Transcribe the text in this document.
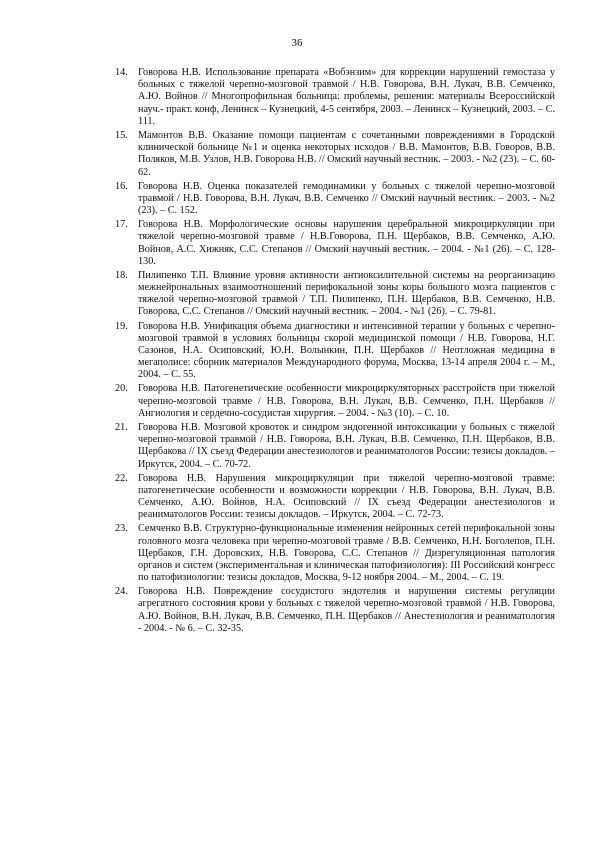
36
14. Говорова Н.В. Использование препарата «Вобэнзим» для коррекции нарушений гемостаза у больных с тяжелой черепно-мозговой травмой / Н.В. Говорова, В.Н. Лукач, В.В. Семченко, А.Ю. Войнов // Многопрофильная больница: проблемы, решения: материалы Всероссийской науч.- практ. конф, Ленинск – Кузнецкий, 4-5 сентября, 2003. – Ленинск – Кузнецкий, 2003. – С. 111.
15. Мамонтов В.В. Оказание помощи пациентам с сочетанными повреждениями в Городской клинической больнице №1 и оценка некоторых исходов / В.В. Мамонтов, В.В. Говоров, В.В. Поляков, М.В. Узлов, Н.В. Говорова Н.В. // Омский научный вестник. – 2003. - №2 (23). – С. 60-62.
16. Говорова Н.В. Оценка показателей гемодинамики у больных с тяжелой черепно-мозговой травмой / Н.В. Говорова, В.Н. Лукач, В.В. Семченко // Омский научный вестник. – 2003. - №2 (23). – С. 152.
17. Говорова Н.В. Морфологические основы нарушения церебральной микроциркуляции при тяжелой черепно-мозговой травме / Н.В.Говорова, П.Н. Щербаков, В.В. Семченко, А.Ю. Войнов, А.С. Хижняк, С.С. Степанов // Омский научный вестник. – 2004. - №1 (26). – С. 128-130.
18. Пилипенко Т.П. Влияние уровня активности антиоксилительной системы на реорганизацию межнейрональных взаимоотношений перифокальной зоны коры большого мозга пациентов с тяжелой черепно-мозговой травмой / Т.П. Пилипенко, П.Н. Щербаков, В.В. Семченко, Н.В. Говорова, С.С. Степанов // Омский научный вестник. – 2004. - №1 (26). – С. 79-81.
19. Говорова Н.В. Унификация объема диагностики и интенсивной терапии у больных с черепно-мозговой травмой в условиях больницы скорой медицинской помощи / Н.В. Говорова, Н.Г. Сазонов, Н.А. Осиповский, Ю.Н. Волынкин, П.Н. Щербаков // Неотложная медицина в мегаполисе: сборник материалов Международного форума, Москва, 13-14 апреля 2004 г. – М., 2004. – С. 55.
20. Говорова Н.В. Патогенетические особенности микроциркуляторных расстройств при тяжелой черепно-мозговой травме / Н.В. Говорова, В.Н. Лукач, В.В. Семченко, П.Н. Щербаков // Ангиология и сердечно-сосудистая хирургия. – 2004. - №3 (10). – С. 10.
21. Говорова Н.В. Мозговой кровоток и синдром эндогенной интоксикации у больных с тяжелой черепно-мозговой травмой / Н.В. Говорова, В.Н. Лукач, В.В. Семченко, П.Н. Щербаков, В.В. Щербакова // IX съезд Федерации анестезиологов и реаниматологов России: тезисы докладов. – Иркутск, 2004. – С. 70-72.
22. Говорова Н.В. Нарушения микроциркуляции при тяжелой черепно-мозговой травме: патогенетические особенности и возможности коррекции / Н.В. Говорова, В.Н. Лукач, В.В. Семченко, А.Ю. Войнов, Н.А. Осиповский // IX съезд Федерации анестезиологов и реаниматологов России: тезисы докладов. – Иркутск, 2004. – С. 72-73.
23. Семченко В.В. Структурно-функциональные изменения нейронных сетей перифокальной зоны головного мозга человека при черепно-мозговой травме / В.В. Семченко, Н.Н. Боголепов, П.Н. Щербаков, Г.Н. Доровских, Н.В. Говорова, С.С. Степанов // Дизрегуляционная патология органов и систем (экспериментальная и клиническая патофизиология): III Российский конгресс по патофизиологии: тезисы докладов, Москва, 9-12 ноября 2004. – М., 2004. – С. 19.
24. Говорова Н.В. Повреждение сосудистого эндотелия и нарушения системы регуляции агрегатного состояния крови у больных с тяжелой черепно-мозговой травмой / Н.В. Говорова, А.Ю. Войнов, В.Н. Лукач, В.В. Семченко, П.Н. Щербаков // Анестезиология и реаниматология - 2004. - № 6. – С. 32-35.
